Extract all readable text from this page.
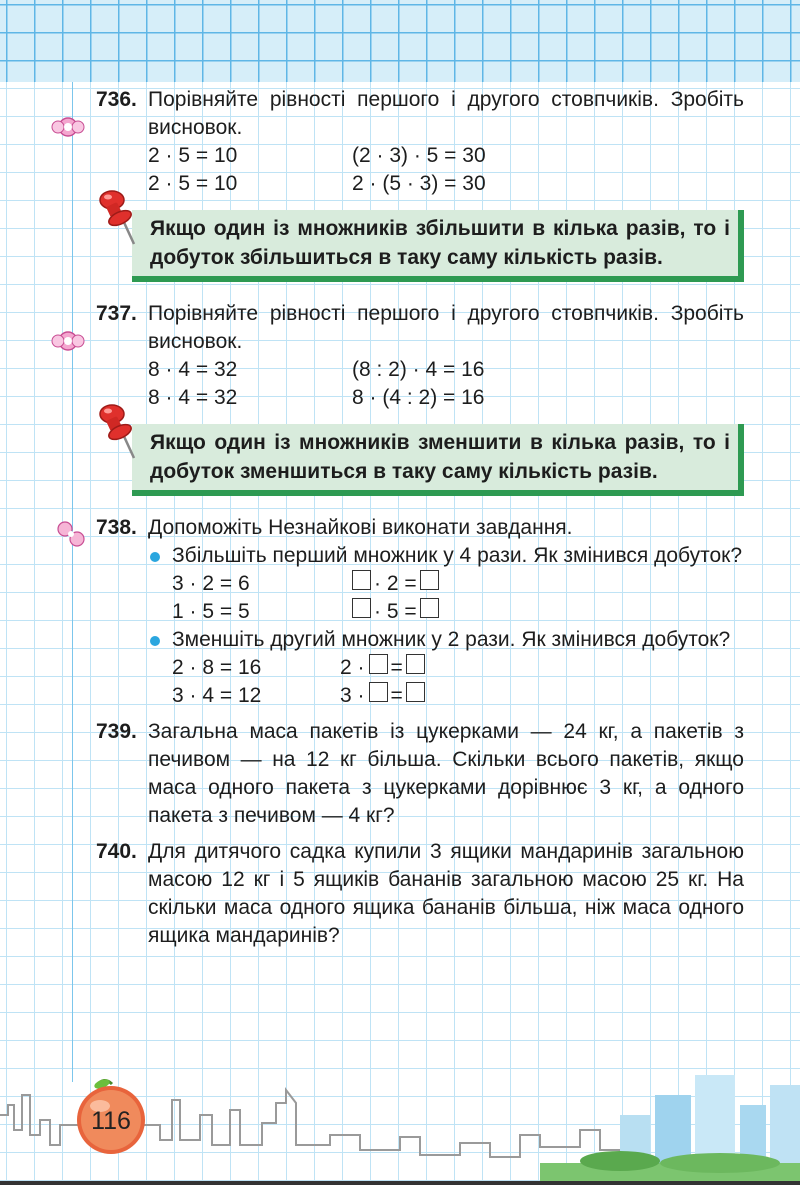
736. Порівняйте рівності першого і другого стовпчиків. Зробіть висновок.
2 · 5 = 10	(2 · 3) · 5 = 30
2 · 5 = 10	2 · (5 · 3) = 30
Якщо один із множників збільшити в кілька разів, то і добуток збільшиться в таку саму кількість разів.
737. Порівняйте рівності першого і другого стовпчиків. Зробіть висновок.
8 · 4 = 32	(8 : 2) · 4 = 16
8 · 4 = 32	8 · (4 : 2) = 16
Якщо один із множників зменшити в кілька разів, то і добуток зменшиться в таку саму кількість разів.
738. Допоможіть Незнайкові виконати завдання.
Збільшіть перший множник у 4 рази. Як змінився добуток?
3 · 2 = 6	· 2 =
1 · 5 = 5	· 5 =
Зменшіть другий множник у 2 рази. Як змінився добуток?
2 · 8 = 16	2 · =
3 · 4 = 12	3 · =
739. Загальна маса пакетів із цукерками — 24 кг, а пакетів з печивом — на 12 кг більша. Скільки всього пакетів, якщо маса одного пакета з цукерками дорівнює 3 кг, а одного пакета з печивом — 4 кг?
740. Для дитячого садка купили 3 ящики мандаринів загальною масою 12 кг і 5 ящиків бананів загальною масою 25 кг. На скільки маса одного ящика бананів більша, ніж маса одного ящика мандаринів?
116
